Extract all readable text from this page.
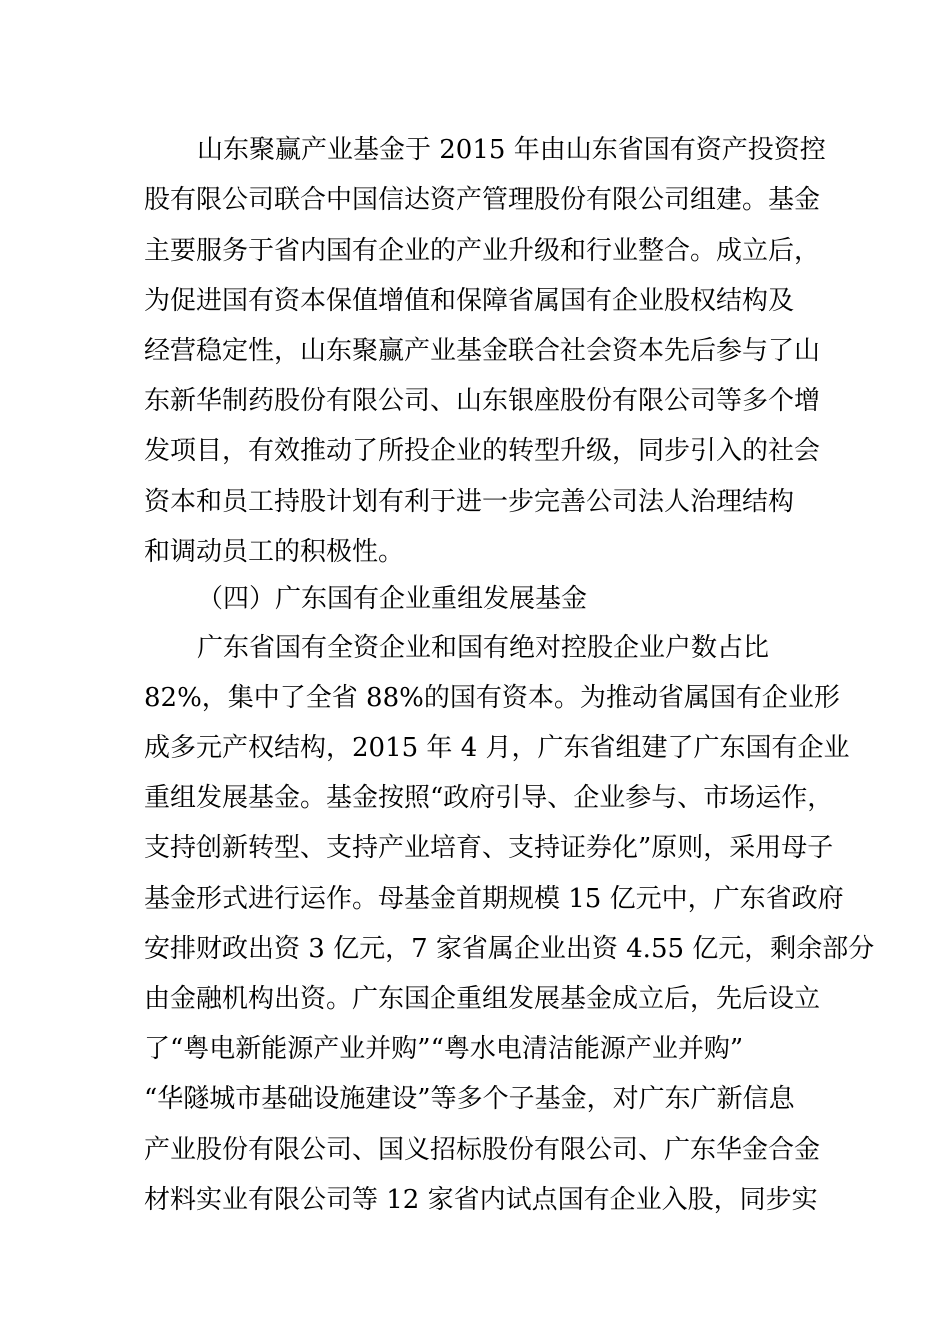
山东聚赢产业基金于 2015 年由山东省国有资产投资控
股有限公司联合中国信达资产管理股份有限公司组建。基金
主要服务于省内国有企业的产业升级和行业整合。成立后，
为促进国有资本保值增值和保障省属国有企业股权结构及
经营稳定性，山东聚赢产业基金联合社会资本先后参与了山
东新华制药股份有限公司、山东银座股份有限公司等多个增
发项目，有效推动了所投企业的转型升级，同步引入的社会
资本和员工持股计划有利于进一步完善公司法人治理结构
和调动员工的积极性。
（四）广东国有企业重组发展基金
广东省国有全资企业和国有绝对控股企业户数占比
82%，集中了全省 88%的国有资本。为推动省属国有企业形
成多元产权结构，2015 年 4 月，广东省组建了广东国有企业
重组发展基金。基金按照“政府引导、企业参与、市场运作，
支持创新转型、支持产业培育、支持证券化”原则，采用母子
基金形式进行运作。母基金首期规模 15 亿元中，广东省政府
安排财政出资 3 亿元，7 家省属企业出资 4.55 亿元，剩余部分
由金融机构出资。广东国企重组发展基金成立后，先后设立
了“粤电新能源产业并购”“粤水电清洁能源产业并购”
“华隧城市基础设施建设”等多个子基金，对广东广新信息
产业股份有限公司、国义招标股份有限公司、广东华金合金
材料实业有限公司等 12 家省内试点国有企业入股，同步实
